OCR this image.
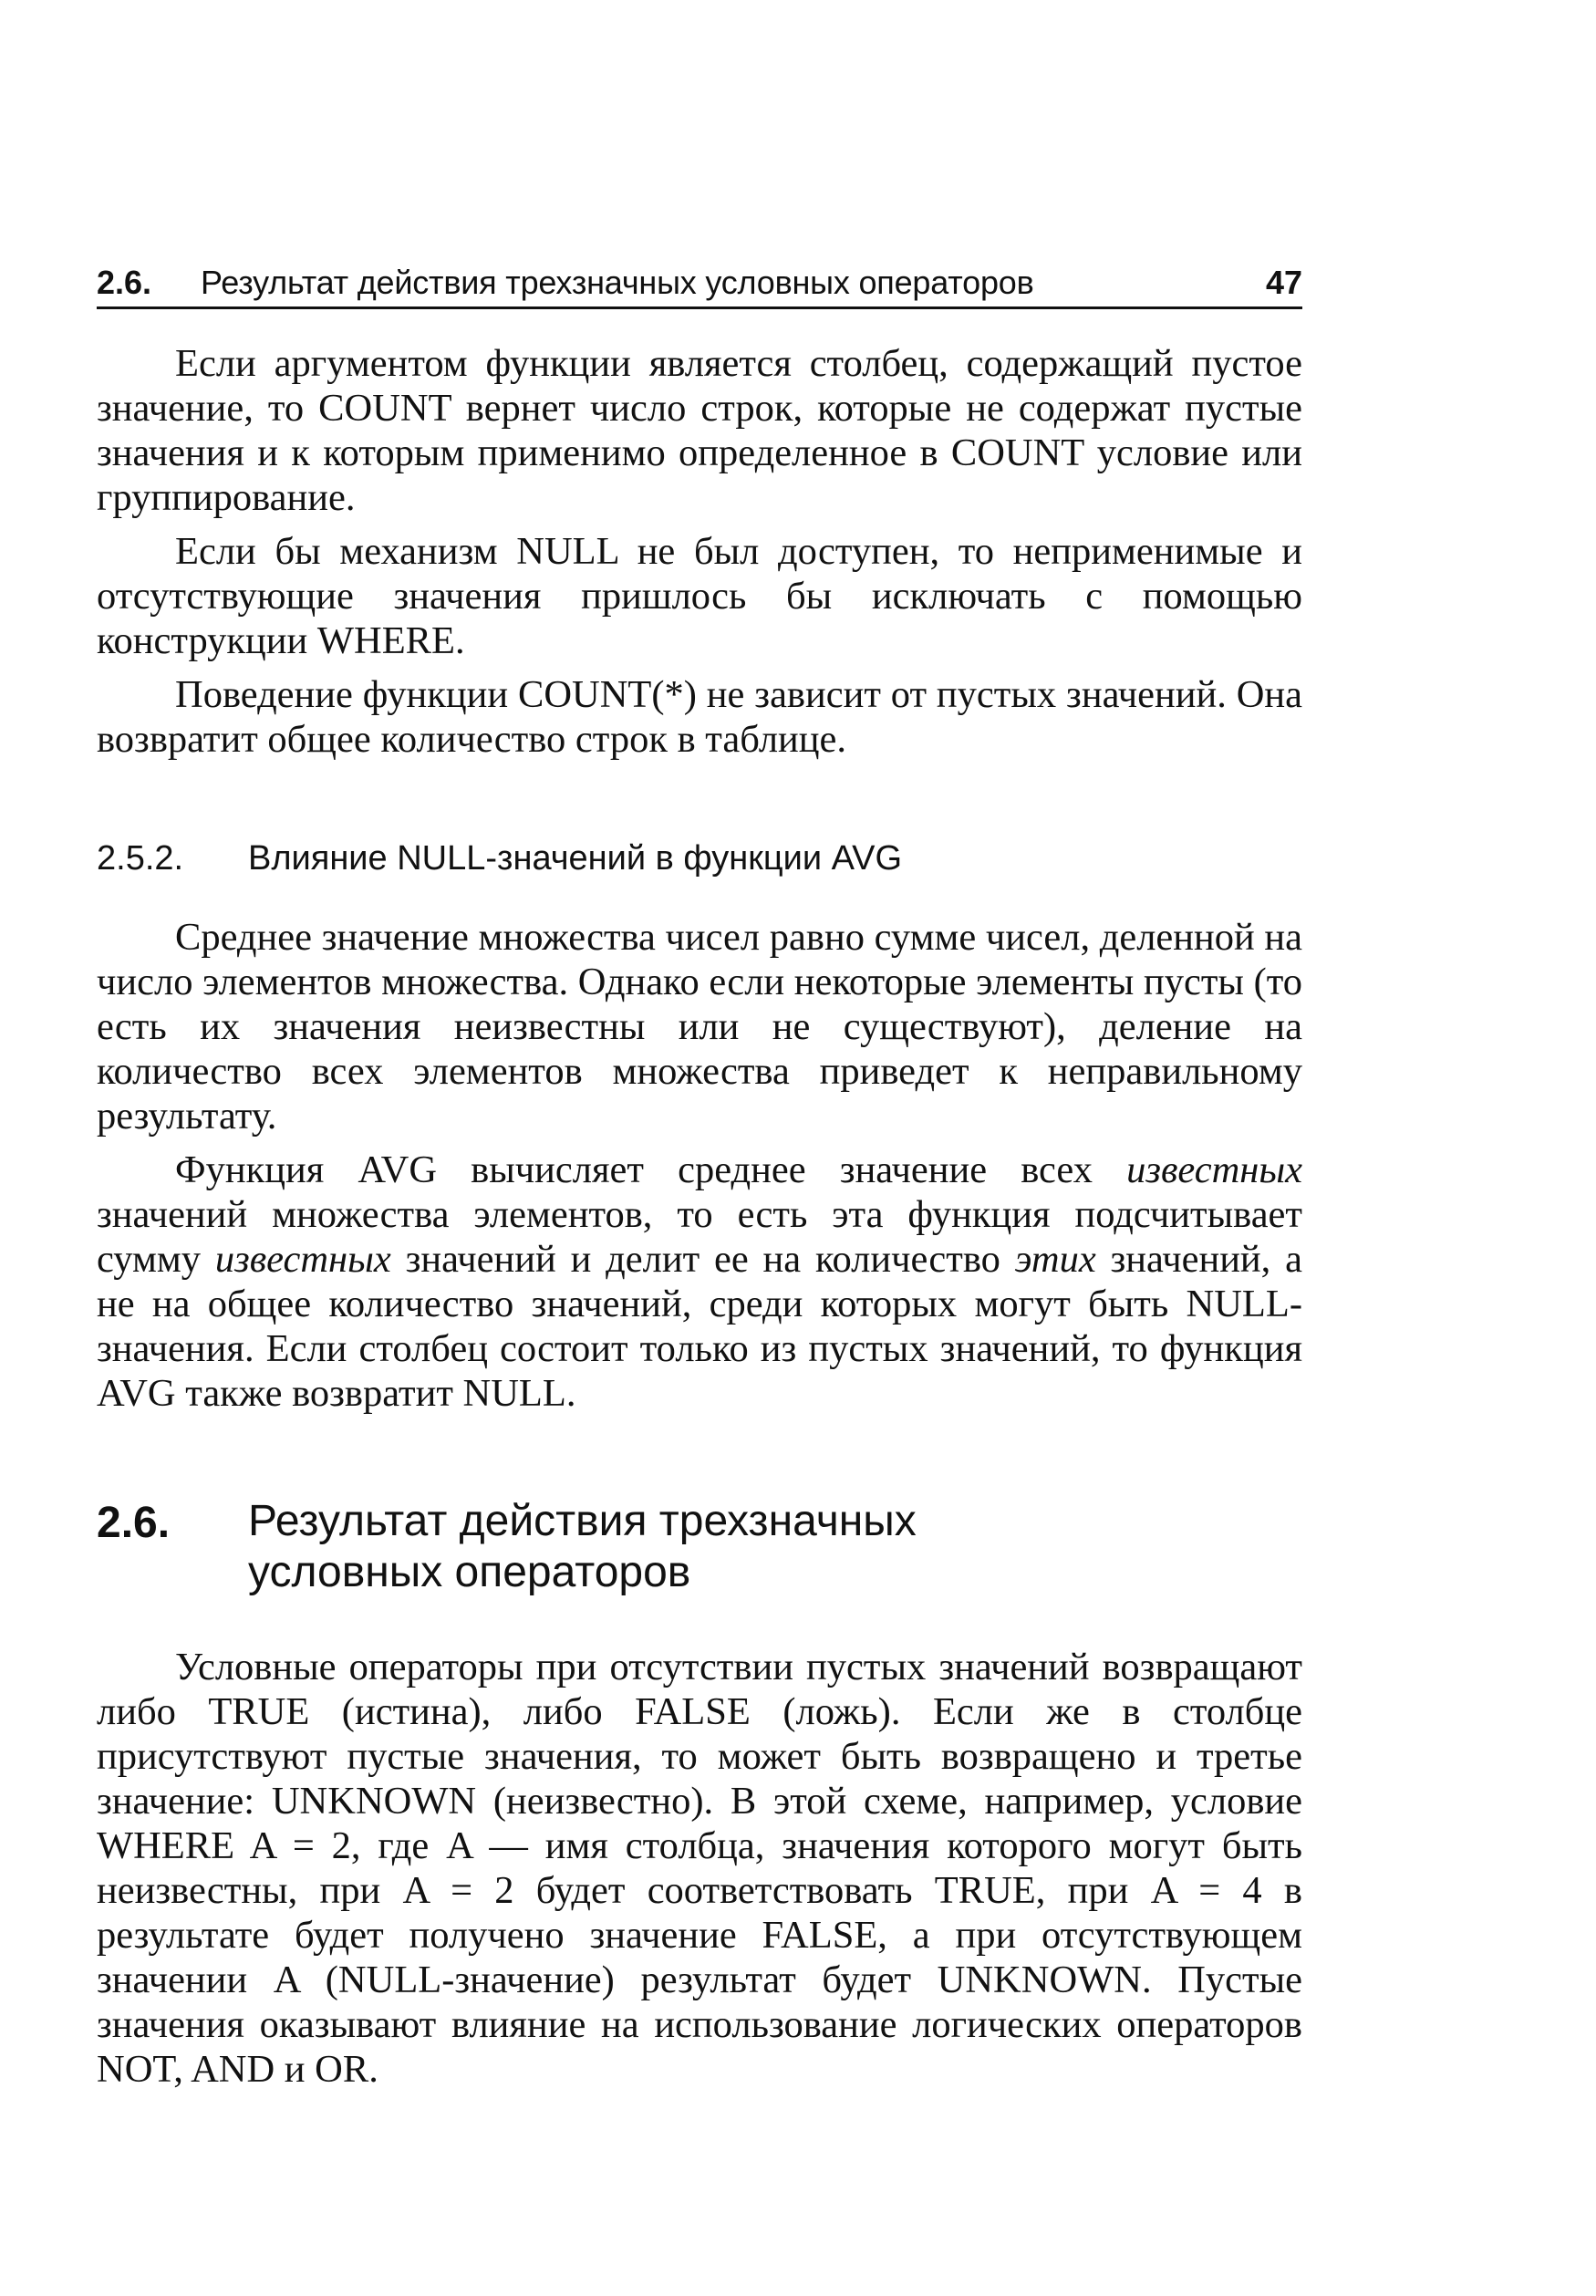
2.6. Результат действия трехзначных условных операторов	47

Если аргументом функции является столбец, содержащий пустое значение, то COUNT вернет число строк, которые не содержат пустые значения и к которым применимо определенное в COUNT условие или группирование.

Если бы механизм NULL не был доступен, то неприменимые и отсутствующие значения пришлось бы исключать с помощью конструкции WHERE.

Поведение функции COUNT(*) не зависит от пустых значений. Она возвратит общее количество строк в таблице.

2.5.2. Влияние NULL-значений в функции AVG

Среднее значение множества чисел равно сумме чисел, деленной на число элементов множества. Однако если некоторые элементы пусты (то есть их значения неизвестны или не существуют), деление на количество всех элементов множества приведет к неправильному результату.

Функция AVG вычисляет среднее значение всех известных значений множества элементов, то есть эта функция подсчитывает сумму известных значений и делит ее на количество этих значений, а не на общее количество значений, среди которых могут быть NULL-значения. Если столбец состоит только из пустых значений, то функция AVG также возвратит NULL.

2.6. Результат действия трехзначных
условных операторов

Условные операторы при отсутствии пустых значений возвращают либо TRUE (истина), либо FALSE (ложь). Если же в столбце присутствуют пустые значения, то может быть возвращено и третье значение: UNKNOWN (неизвестно). В этой схеме, например, условие WHERE A = 2, где A — имя столбца, значения которого могут быть неизвестны, при A = 2 будет соответствовать TRUE, при A = 4 в результате будет получено значение FALSE, а при отсутствующем значении A (NULL-значение) результат будет UNKNOWN. Пустые значения оказывают влияние на использование логических операторов NOT, AND и OR.
